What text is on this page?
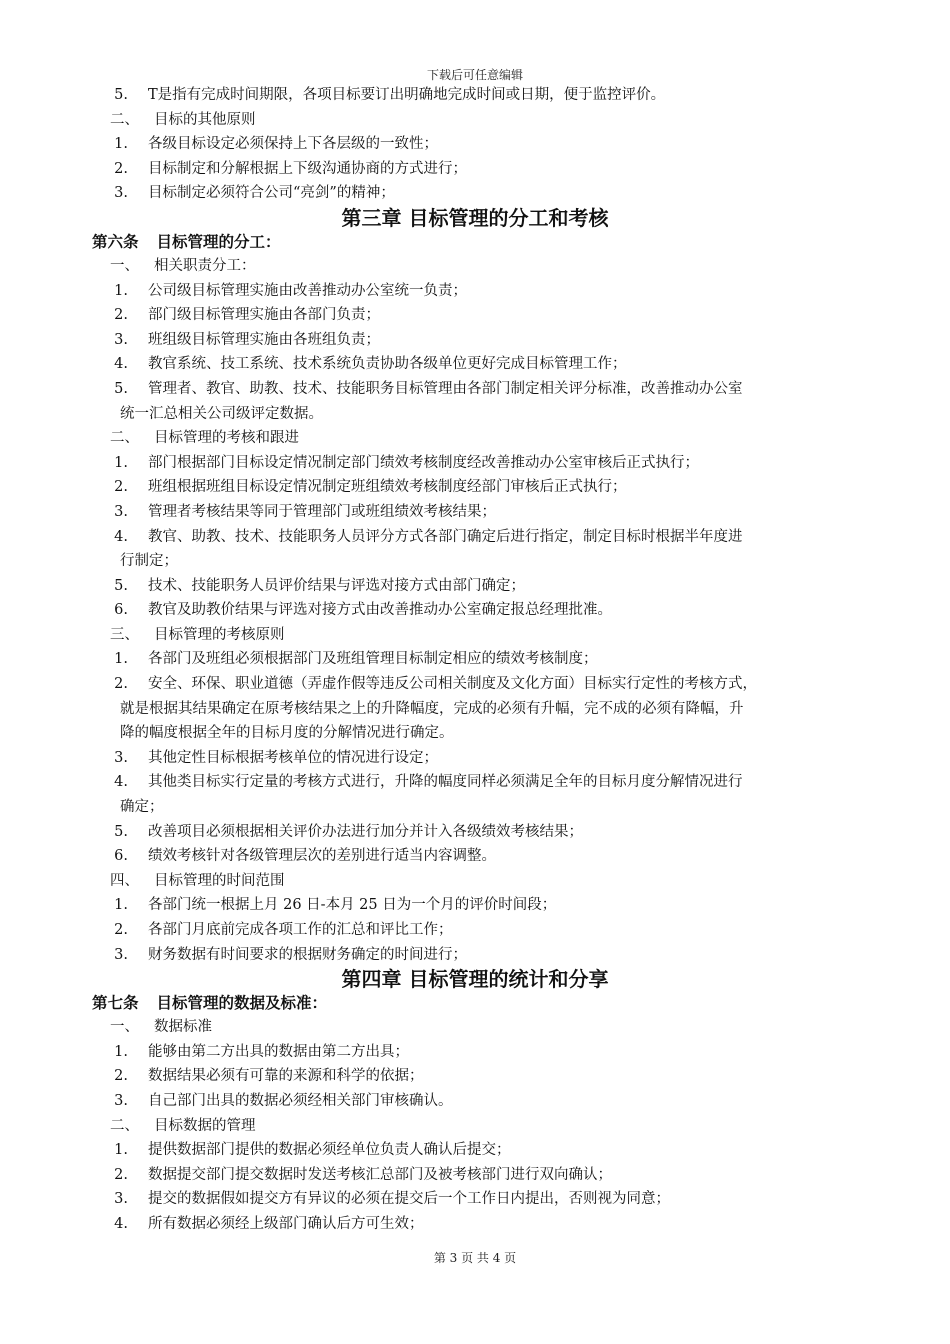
下载后可任意编辑
5. T是指有完成时间期限，各项目标要订出明确地完成时间或日期，便于监控评价。
二、 目标的其他原则
1. 各级目标设定必须保持上下各层级的一致性；
2. 目标制定和分解根据上下级沟通协商的方式进行；
3. 目标制定必须符合公司“亮剑”的精神；
第三章 目标管理的分工和考核
第六条 目标管理的分工：
一、 相关职责分工：
1. 公司级目标管理实施由改善推动办公室统一负责；
2. 部门级目标管理实施由各部门负责；
3. 班组级目标管理实施由各班组负责；
4. 教官系统、技工系统、技术系统负责协助各级单位更好完成目标管理工作；
5. 管理者、教官、助教、技术、技能职务目标管理由各部门制定相关评分标准，改善推动办公室
统一汇总相关公司级评定数据。
二、 目标管理的考核和跟进
1. 部门根据部门目标设定情况制定部门绩效考核制度经改善推动办公室审核后正式执行；
2. 班组根据班组目标设定情况制定班组绩效考核制度经部门审核后正式执行；
3. 管理者考核结果等同于管理部门或班组绩效考核结果；
4. 教官、助教、技术、技能职务人员评分方式各部门确定后进行指定，制定目标时根据半年度进
行制定；
5. 技术、技能职务人员评价结果与评选对接方式由部门确定；
6. 教官及助教价结果与评选对接方式由改善推动办公室确定报总经理批准。
三、 目标管理的考核原则
1. 各部门及班组必须根据部门及班组管理目标制定相应的绩效考核制度；
2. 安全、环保、职业道德（弄虚作假等违反公司相关制度及文化方面）目标实行定性的考核方式，
就是根据其结果确定在原考核结果之上的升降幅度，完成的必须有升幅，完不成的必须有降幅，升
降的幅度根据全年的目标月度的分解情况进行确定。
3. 其他定性目标根据考核单位的情况进行设定；
4. 其他类目标实行定量的考核方式进行，升降的幅度同样必须满足全年的目标月度分解情况进行
确定；
5. 改善项目必须根据相关评价办法进行加分并计入各级绩效考核结果；
6. 绩效考核针对各级管理层次的差别进行适当内容调整。
四、 目标管理的时间范围
1. 各部门统一根据上月 26 日-本月 25 日为一个月的评价时间段；
2. 各部门月底前完成各项工作的汇总和评比工作；
3. 财务数据有时间要求的根据财务确定的时间进行；
第四章 目标管理的统计和分享
第七条 目标管理的数据及标准：
一、 数据标准
1. 能够由第二方出具的数据由第二方出具；
2. 数据结果必须有可靠的来源和科学的依据；
3. 自己部门出具的数据必须经相关部门审核确认。
二、 目标数据的管理
1. 提供数据部门提供的数据必须经单位负责人确认后提交；
2. 数据提交部门提交数据时发送考核汇总部门及被考核部门进行双向确认；
3. 提交的数据假如提交方有异议的必须在提交后一个工作日内提出，否则视为同意；
4. 所有数据必须经上级部门确认后方可生效；
第 3 页 共 4 页
